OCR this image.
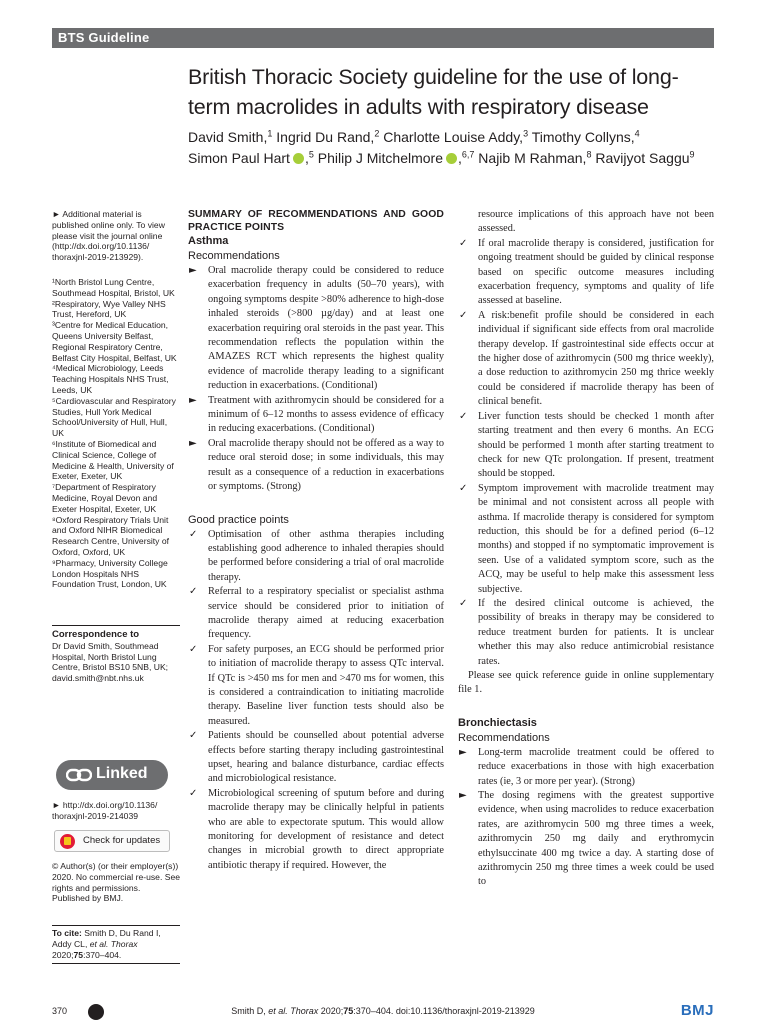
BTS Guideline
British Thoracic Society guideline for the use of long-term macrolides in adults with respiratory disease
David Smith,$^1$ Ingrid Du Rand,$^2$ Charlotte Louise Addy,$^3$ Timothy Collyns,$^4$
Simon Paul Hart ,$^5$ Philip J Mitchelmore ,$^{6,7}$ Najib M Rahman,$^8$ Ravijyot Saggu$^9$

► Additional material is published online only. To view please visit the journal online (http://dx.doi.org/10.1136/ thoraxjnl-2019-213929).

¹North Bristol Lung Centre, Southmead Hospital, Bristol, UK

²Respiratory, Wye Valley NHS Trust, Hereford, UK

³Centre for Medical Education, Queens University Belfast, Regional Respiratory Centre, Belfast City Hospital, Belfast, UK

⁴Medical Microbiology, Leeds Teaching Hospitals NHS Trust, Leeds, UK

⁵Cardiovascular and Respiratory Studies, Hull York Medical School/University of Hull, Hull, UK

⁶Institute of Biomedical and Clinical Science, College of Medicine & Health, University of Exeter, Exeter, UK

⁷Department of Respiratory Medicine, Royal Devon and Exeter Hospital, Exeter, UK

⁸Oxford Respiratory Trials Unit and Oxford NIHR Biomedical Research Centre, University of Oxford, Oxford, UK

⁹Pharmacy, University College London Hospitals NHS Foundation Trust, London, UK

Correspondence to

Dr David Smith, Southmead Hospital, North Bristol Lung Centre, Bristol BS10 5NB, UK; david.smith@nbt.nhs.uk

Linked

► http://dx.doi.org/10.1136/ thoraxjnl-2019-214039

Check for updates

© Author(s) (or their employer(s)) 2020. No commercial re-use. See rights and permissions. Published by BMJ.

To cite: Smith D, Du Rand I, Addy CL, et al. Thorax 2020;75:370–404.
SUMMARY OF RECOMMENDATIONS AND GOOD PRACTICE POINTS
Asthma
Recommendations
► Oral macrolide therapy could be considered to reduce exacerbation frequency in adults (50–70 years), with ongoing symptoms despite >80% adherence to high-dose inhaled steroids (>800 µg/day) and at least one exacerbation requiring oral steroids in the past year. This recommendation reflects the population within the AMAZES RCT which represents the highest quality evidence of macrolide therapy leading to a significant reduction in exacerbations. (Conditional)
► Treatment with azithromycin should be considered for a minimum of 6–12 months to assess evidence of efficacy in reducing exacerbations. (Conditional)
► Oral macrolide therapy should not be offered as a way to reduce oral steroid dose; in some individuals, this may result as a consequence of a reduction in exacerbations or symptoms. (Strong)
Good practice points
✓ Optimisation of other asthma therapies including establishing good adherence to inhaled therapies should be performed before considering a trial of oral macrolide therapy.
✓ Referral to a respiratory specialist or specialist asthma service should be considered prior to initiation of macrolide therapy aimed at reducing exacerbation frequency.
✓ For safety purposes, an ECG should be performed prior to initiation of macrolide therapy to assess QTc interval. If QTc is >450 ms for men and >470 ms for women, this is considered a contraindication to initiating macrolide therapy. Baseline liver function tests should also be measured.
✓ Patients should be counselled about potential adverse effects before starting therapy including gastrointestinal upset, hearing and balance disturbance, cardiac effects and microbiological resistance.
✓ Microbiological screening of sputum before and during macrolide therapy may be clinically helpful in patients who are able to expectorate sputum. This would allow monitoring for development of resistance and detect changes in microbial growth to direct appropriate antibiotic therapy if required. However, the
resource implications of this approach have not been assessed.
✓ If oral macrolide therapy is considered, justification for ongoing treatment should be guided by clinical response based on specific outcome measures including exacerbation frequency, symptoms and quality of life assessed at baseline.
✓ A risk:benefit profile should be considered in each individual if significant side effects from oral macrolide therapy develop. If gastrointestinal side effects occur at the higher dose of azithromycin (500 mg thrice weekly), a dose reduction to azithromycin 250 mg thrice weekly could be considered if macrolide therapy has been of clinical benefit.
✓ Liver function tests should be checked 1 month after starting treatment and then every 6 months. An ECG should be performed 1 month after starting treatment to check for new QTc prolongation. If present, treatment should be stopped.
✓ Symptom improvement with macrolide treatment may be minimal and not consistent across all people with asthma. If macrolide therapy is considered for symptom reduction, this should be for a defined period (6–12 months) and stopped if no symptomatic improvement is seen. Use of a validated symptom score, such as the ACQ, may be useful to help make this assessment less subjective.
✓ If the desired clinical outcome is achieved, the possibility of breaks in therapy may be considered to reduce treatment burden for patients. It is unclear whether this may also reduce antimicrobial resistance rates.

Please see quick reference guide in online supplementary file 1.

Bronchiectasis
Recommendations
► Long-term macrolide treatment could be offered to reduce exacerbations in those with high exacerbation rates (ie, 3 or more per year). (Strong)
► The dosing regimens with the greatest supportive evidence, when using macrolides to reduce exacerbation rates, are azithromycin 500 mg three times a week, azithromycin 250 mg daily and erythromycin ethylsuccinate 400 mg twice a day. A starting dose of azithromycin 250 mg three times a week could be used to
370	Smith D, et al. Thorax 2020;75:370–404. doi:10.1136/thoraxjnl-2019-213929	BMJ
